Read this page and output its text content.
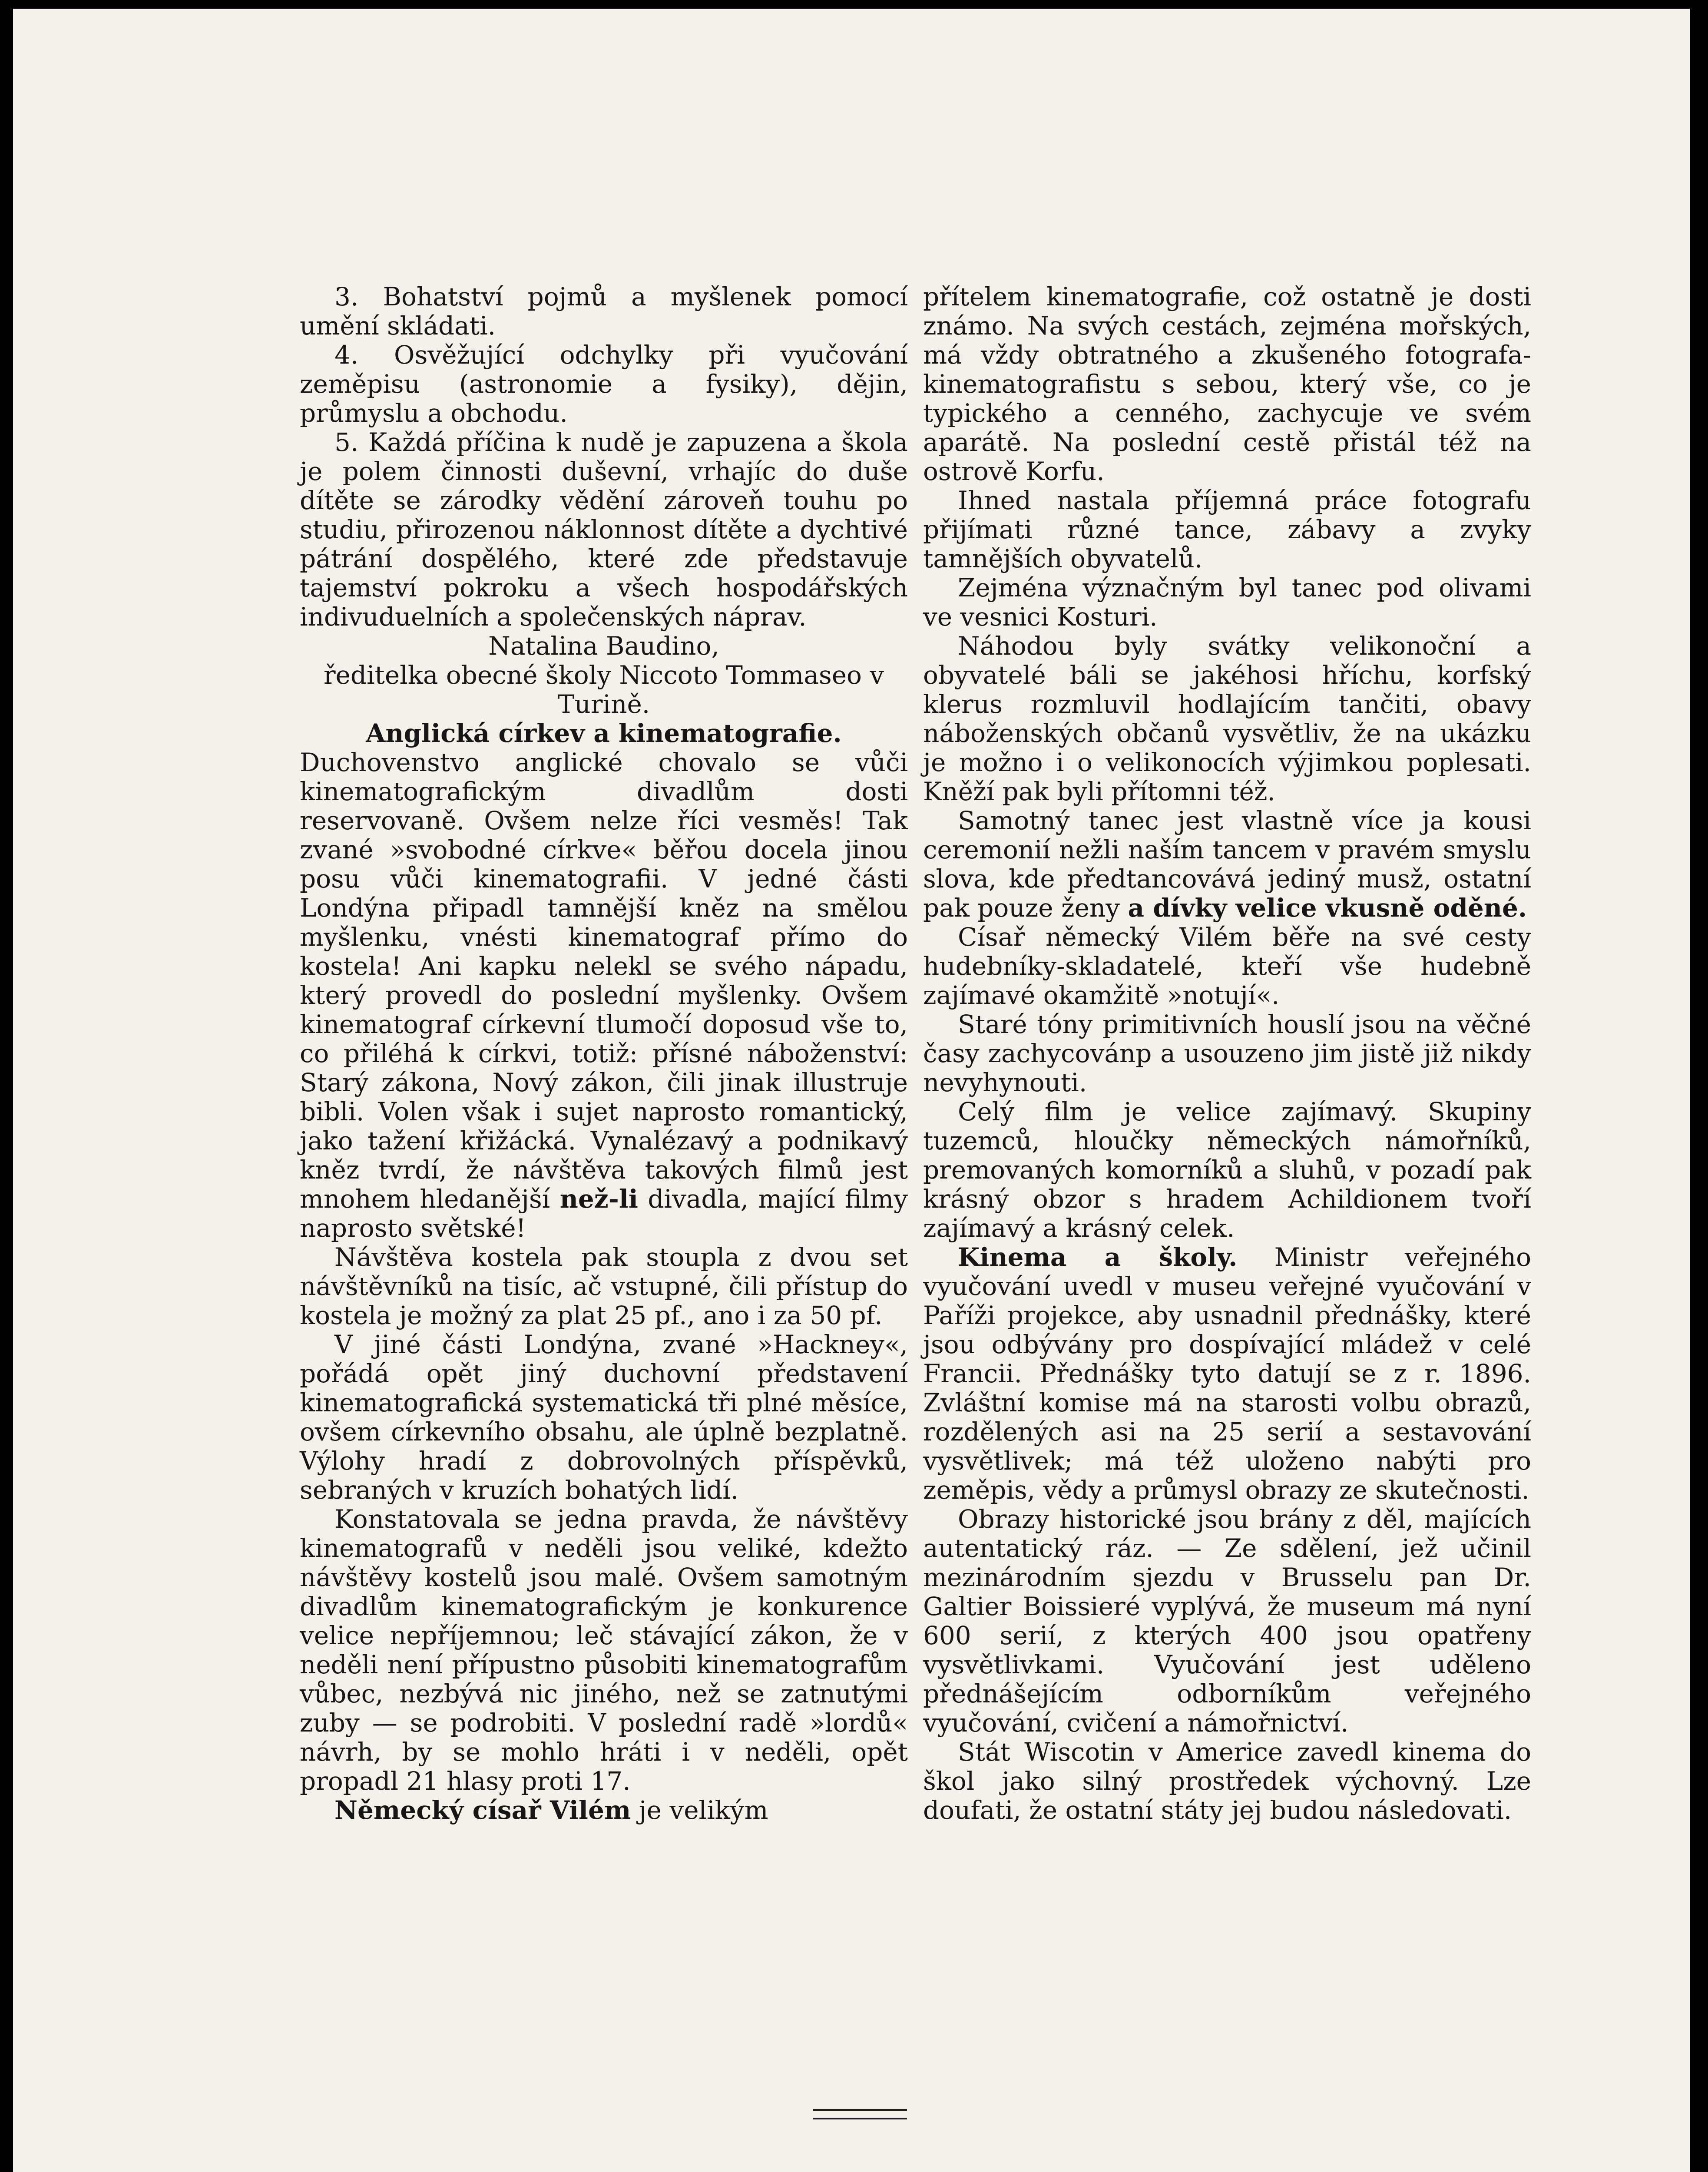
3. Bohatství pojmů a myšlenek pomocí umění skládati.

4. Osvěžující odchylky při vyučování zeměpisu (astronomie a fysiky), dějin, průmyslu a obchodu.

5. Každá příčina k nudě je zapuzena a škola je polem činnosti duševní, vrhajíc do duše dítěte se zárodky vědění zároveň touhu po studiu, přirozenou náklonnost dítěte a dychtivé pátrání dospělého, které zde představuje tajemství pokroku a všech hospodářských indivuduelních a společenských náprav.

Natalina Baudino,

ředitelka obecné školy Niccoto Tommaseo v Turině.

Anglická církev a kinematografie.

Duchovenstvo anglické chovalo se vůči kinematografickým divadlům dosti reservovaně. Ovšem nelze říci vesměs! Tak zvané »svobodné církve« běřou docela jinou posu vůči kinematografii. V jedné části Londýna připadl tamnější kněz na smělou myšlenku, vnésti kinematograf přímo do kostela! Ani kapku nelekl se svého nápadu, který provedl do poslední myšlenky. Ovšem kinematograf církevní tlumočí doposud vše to, co přiléhá k církvi, totiž: přísné náboženství: Starý zákona, Nový zákon, čili jinak illustruje bibli. Volen však i sujet naprosto romantický, jako tažení křižácká. Vynalézavý a podnikavý kněz tvrdí, že návštěva takových filmů jest mnohem hledanější než-li divadla, mající filmy naprosto světské!

Návštěva kostela pak stoupla z dvou set návštěvníků na tisíc, ač vstupné, čili přístup do kostela je možný za plat 25 pf., ano i za 50 pf.

V jiné části Londýna, zvané »Hackney«, pořádá opět jiný duchovní představení kinematografická systematická tři plné měsíce, ovšem církevního obsahu, ale úplně bezplatně. Výlohy hradí z dobrovolných příspěvků, sebraných v kruzích bohatých lidí.

Konstatovala se jedna pravda, že návštěvy kinematografů v neděli jsou veliké, kdežto návštěvy kostelů jsou malé. Ovšem samotným divadlům kinematografickým je konkurence velice nepříjemnou; leč stávající zákon, že v neděli není přípustno působiti kinematografům vůbec, nezbývá nic jiného, než se zatnutými zuby — se podrobiti. V poslední radě »lordů« návrh, by se mohlo hráti i v neděli, opět propadl 21 hlasy proti 17.

Německý císař Vilém je velikým

přítelem kinematografie, což ostatně je dosti známo. Na svých cestách, zejména mořských, má vždy obtratného a zkušeného fotografa-kinematografistu s sebou, který vše, co je typického a cenného, zachycuje ve svém aparátě. Na poslední cestě přistál též na ostrově Korfu.

Ihned nastala příjemná práce fotografu přijímati různé tance, zábavy a zvyky tamnějších obyvatelů.

Zejména význačným byl tanec pod olivami ve vesnici Kosturi.

Náhodou byly svátky velikonoční a obyvatelé báli se jakéhosi hříchu, korfský klerus rozmluvil hodlajícím tančiti, obavy náboženských občanů vysvětliv, že na ukázku je možno i o velikonocích výjimkou poplesati. Kněží pak byli přítomni též.

Samotný tanec jest vlastně více ja kousi ceremonií nežli naším tancem v pravém smyslu slova, kde předtancovává jediný musž, ostatní pak pouze ženy a dívky velice vkusně oděné.

Císař německý Vilém běře na své cesty hudebníky-skladatelé, kteří vše hudebně zajímavé okamžitě »notují«.

Staré tóny primitivních houslí jsou na věčné časy zachycovánp a usouzeno jim jistě již nikdy nevyhynouti.

Celý film je velice zajímavý. Skupiny tuzemců, hloučky německých námořníků, premovaných komorníků a sluhů, v pozadí pak krásný obzor s hradem Achildionem tvoří zajímavý a krásný celek.

Kinema a školy. Ministr veřejného vyučování uvedl v museu veřejné vyučování v Paříži projekce, aby usnadnil přednášky, které jsou odbývány pro dospívající mládež v celé Francii. Přednášky tyto datují se z r. 1896. Zvláštní komise má na starosti volbu obrazů, rozdělených asi na 25 serií a sestavování vysvětlivek; má též uloženo nabýti pro zeměpis, vědy a průmysl obrazy ze skutečnosti.

Obrazy historické jsou brány z děl, majících autentatický ráz. — Ze sdělení, jež učinil mezinárodním sjezdu v Brusselu pan Dr. Galtier Boissieré vyplývá, že museum má nyní 600 serií, z kterých 400 jsou opatřeny vysvětlivkami. Vyučování jest uděleno přednášejícím odborníkům veřejného vyučování, cvičení a námořnictví.

Stát Wiscotin v Americe zavedl kinema do škol jako silný prostředek výchovný. Lze doufati, že ostatní státy jej budou následovati.
